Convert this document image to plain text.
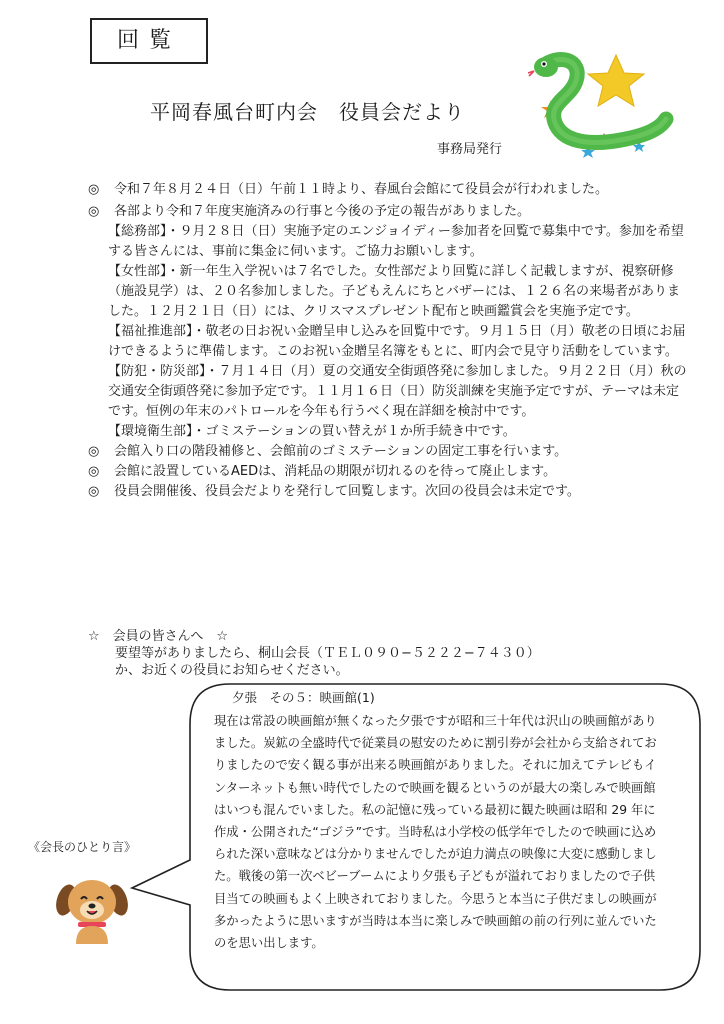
回覧
平岡春風台町内会　役員会だより
事務局発行
◎	令和７年８月２４日（日）午前１１時より、春風台会館にて役員会が行われました。
◎	各部より令和７年度実施済みの行事と今後の予定の報告がありました。

【総務部】・９月２８日（日）実施予定のエンジョイディー参加者を回覧で募集中です。参加を希望する皆さんには、事前に集金に伺います。ご協力お願いします。

【女性部】・新一年生入学祝いは７名でした。女性部だより回覧に詳しく記載しますが、視察研修（施設見学）は、２０名参加しました。子どもえんにちとバザーには、１２６名の来場者がありました。１２月２１日（日）には、クリスマスプレゼント配布と映画鑑賞会を実施予定です。

【福祉推進部】・敬老の日お祝い金贈呈申し込みを回覧中です。９月１５日（月）敬老の日頃にお届けできるように準備します。このお祝い金贈呈名簿をもとに、町内会で見守り活動をしています。

【防犯・防災部】・７月１４日（月）夏の交通安全街頭啓発に参加しました。９月２２日（月）秋の交通安全街頭啓発に参加予定です。１１月１６日（日）防災訓練を実施予定ですが、テーマは未定です。恒例の年末のパトロールを今年も行うべく現在詳細を検討中です。

【環境衛生部】・ゴミステーションの買い替えが１か所手続き中です。

◎	会館入り口の階段補修と、会館前のゴミステーションの固定工事を行います。
◎	会館に設置しているAEDは、消耗品の期限が切れるのを待って廃止します。
◎	役員会開催後、役員会だよりを発行して回覧します。次回の役員会は未定です。
☆　会員の皆さんへ　☆
要望等がありましたら、桐山会長（ＴＥＬ０９０−５２２２−７４３０）
か、お近くの役員にお知らせください。
夕張　その５：映画館(1)

現在は常設の映画館が無くなった夕張ですが昭和三十年代は沢山の映画館がありました。炭鉱の全盛時代で従業員の慰安のために割引券が会社から支給されておりましたので安く観る事が出来る映画館がありました。それに加えてテレビもインターネットも無い時代でしたので映画を観るというのが最大の楽しみで映画館はいつも混んでいました。私の記憶に残っている最初に観た映画は昭和 29 年に作成・公開された“ゴジラ”です。当時私は小学校の低学年でしたので映画に込められた深い意味などは分かりませんでしたが迫力満点の映像に大変に感動しました。戦後の第一次ベビーブームにより夕張も子どもが溢れておりましたので子供目当ての映画もよく上映されておりました。今思うと本当に子供だましの映画が多かったように思いますが当時は本当に楽しみで映画館の前の行列に並んでいたのを思い出します。

《会長のひとり言》
